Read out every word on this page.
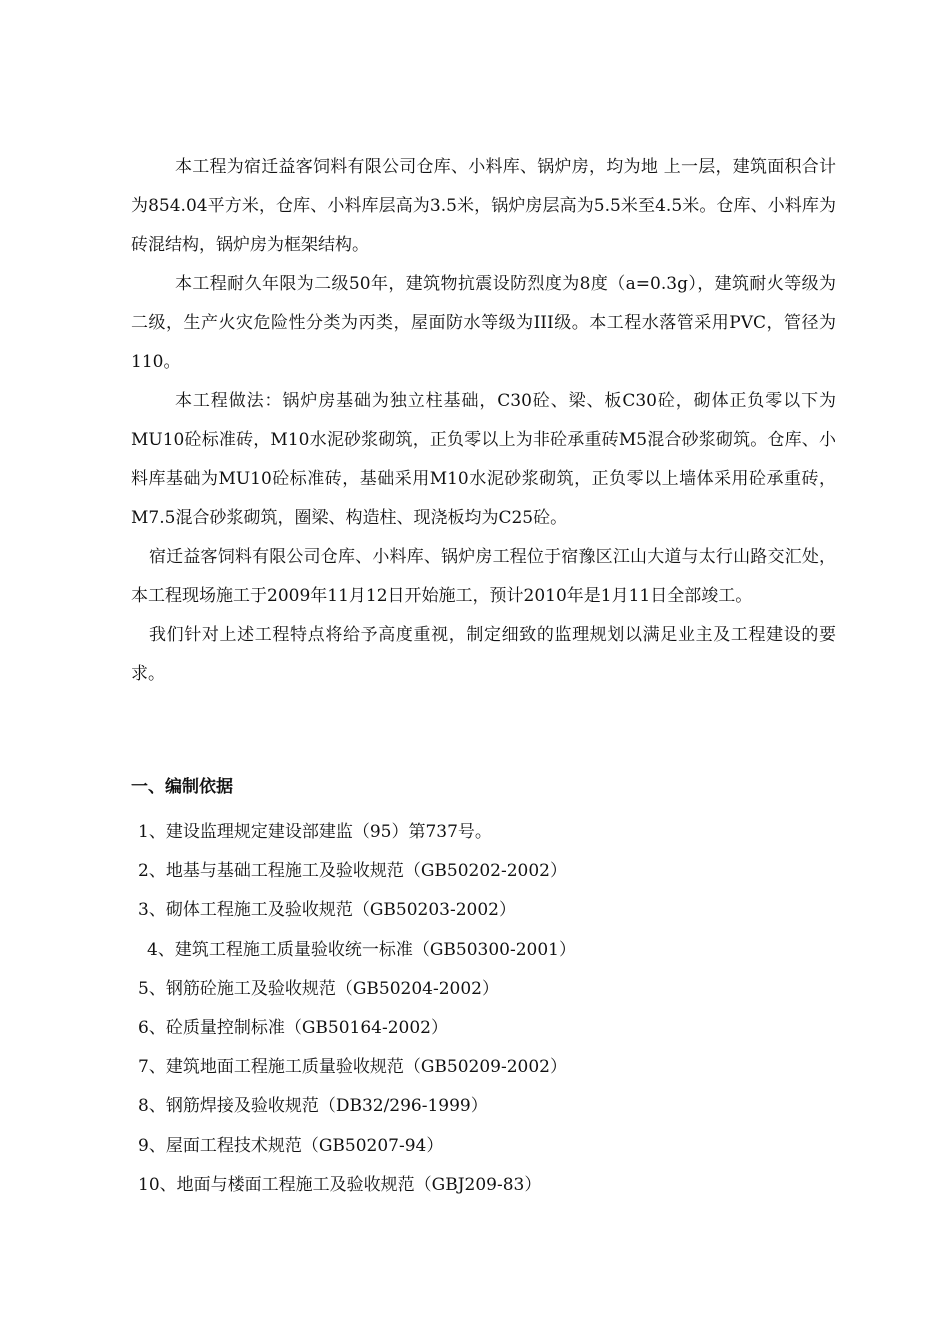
本工程为宿迁益客饲料有限公司仓库、小料库、锅炉房，均为地 上一层，建筑面积合计为854.04平方米，仓库、小料库层高为3.5米，锅炉房层高为5.5米至4.5米。仓库、小料库为砖混结构，锅炉房为框架结构。

本工程耐久年限为二级50年，建筑物抗震设防烈度为8度（a=0.3g），建筑耐火等级为二级，生产火灾危险性分类为丙类，屋面防水等级为III级。本工程水落管采用PVC，管径为110。

本工程做法：锅炉房基础为独立柱基础，C30砼、梁、板C30砼，砌体正负零以下为MU10砼标准砖，M10水泥砂浆砌筑，正负零以上为非砼承重砖M5混合砂浆砌筑。仓库、小料库基础为MU10砼标准砖，基础采用M10水泥砂浆砌筑，正负零以上墙体采用砼承重砖，M7.5混合砂浆砌筑，圈梁、构造柱、现浇板均为C25砼。

宿迁益客饲料有限公司仓库、小料库、锅炉房工程位于宿豫区江山大道与太行山路交汇处，本工程现场施工于2009年11月12日开始施工，预计2010年是1月11日全部竣工。

我们针对上述工程特点将给予高度重视，制定细致的监理规划以满足业主及工程建设的要求。

一、编制依据

1、建设监理规定建设部建监（95）第737号。
2、地基与基础工程施工及验收规范（GB50202-2002）
3、砌体工程施工及验收规范（GB50203-2002）
4、建筑工程施工质量验收统一标准（GB50300-2001）
5、钢筋砼施工及验收规范（GB50204-2002）
6、砼质量控制标准（GB50164-2002）
7、建筑地面工程施工质量验收规范（GB50209-2002）
8、钢筋焊接及验收规范（DB32/296-1999）
9、屋面工程技术规范（GB50207-94）
10、地面与楼面工程施工及验收规范（GBJ209-83）
